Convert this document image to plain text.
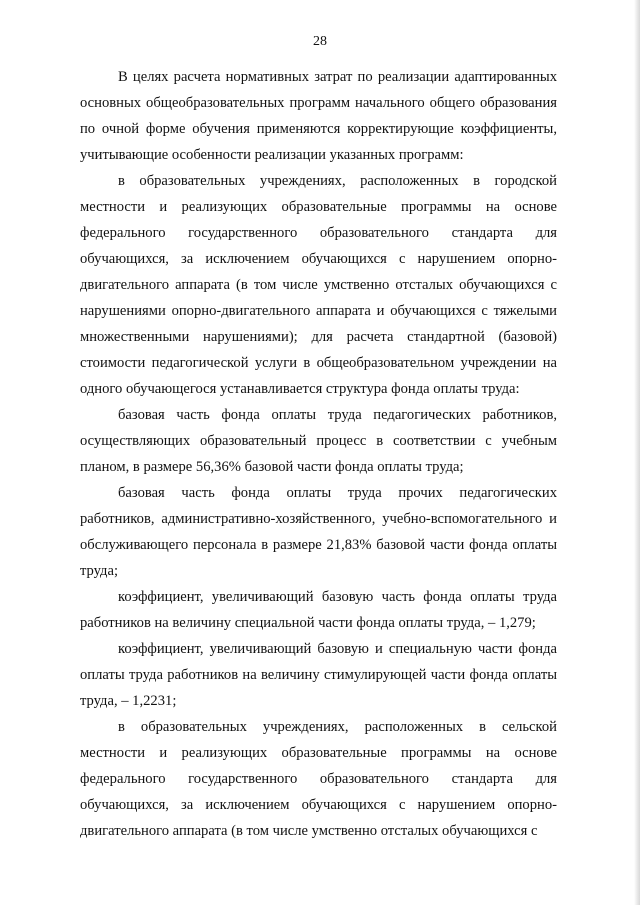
28

В целях расчета нормативных затрат по реализации адаптированных основных общеобразовательных программ начального общего образования по очной форме обучения применяются корректирующие коэффициенты, учитывающие особенности реализации указанных программ:

в образовательных учреждениях, расположенных в городской местности и реализующих образовательные программы на основе федерального государственного образовательного стандарта для обучающихся, за исключением обучающихся с нарушением опорно-двигательного аппарата (в том числе умственно отсталых обучающихся с нарушениями опорно-двигательного аппарата и обучающихся с тяжелыми множественными нарушениями); для расчета стандартной (базовой) стоимости педагогической услуги в общеобразовательном учреждении на одного обучающегося устанавливается структура фонда оплаты труда:

базовая часть фонда оплаты труда педагогических работников, осуществляющих образовательный процесс в соответствии с учебным планом, в размере 56,36% базовой части фонда оплаты труда;

базовая часть фонда оплаты труда прочих педагогических работников, административно-хозяйственного, учебно-вспомогательного и обслуживающего персонала в размере 21,83% базовой части фонда оплаты труда;

коэффициент, увеличивающий базовую часть фонда оплаты труда работников на величину специальной части фонда оплаты труда, – 1,279;

коэффициент, увеличивающий базовую и специальную части фонда оплаты труда работников на величину стимулирующей части фонда оплаты труда, – 1,2231;

в образовательных учреждениях, расположенных в сельской местности и реализующих образовательные программы на основе федерального государственного образовательного стандарта для обучающихся, за исключением обучающихся с нарушением опорно-двигательного аппарата (в том числе умственно отсталых обучающихся с
